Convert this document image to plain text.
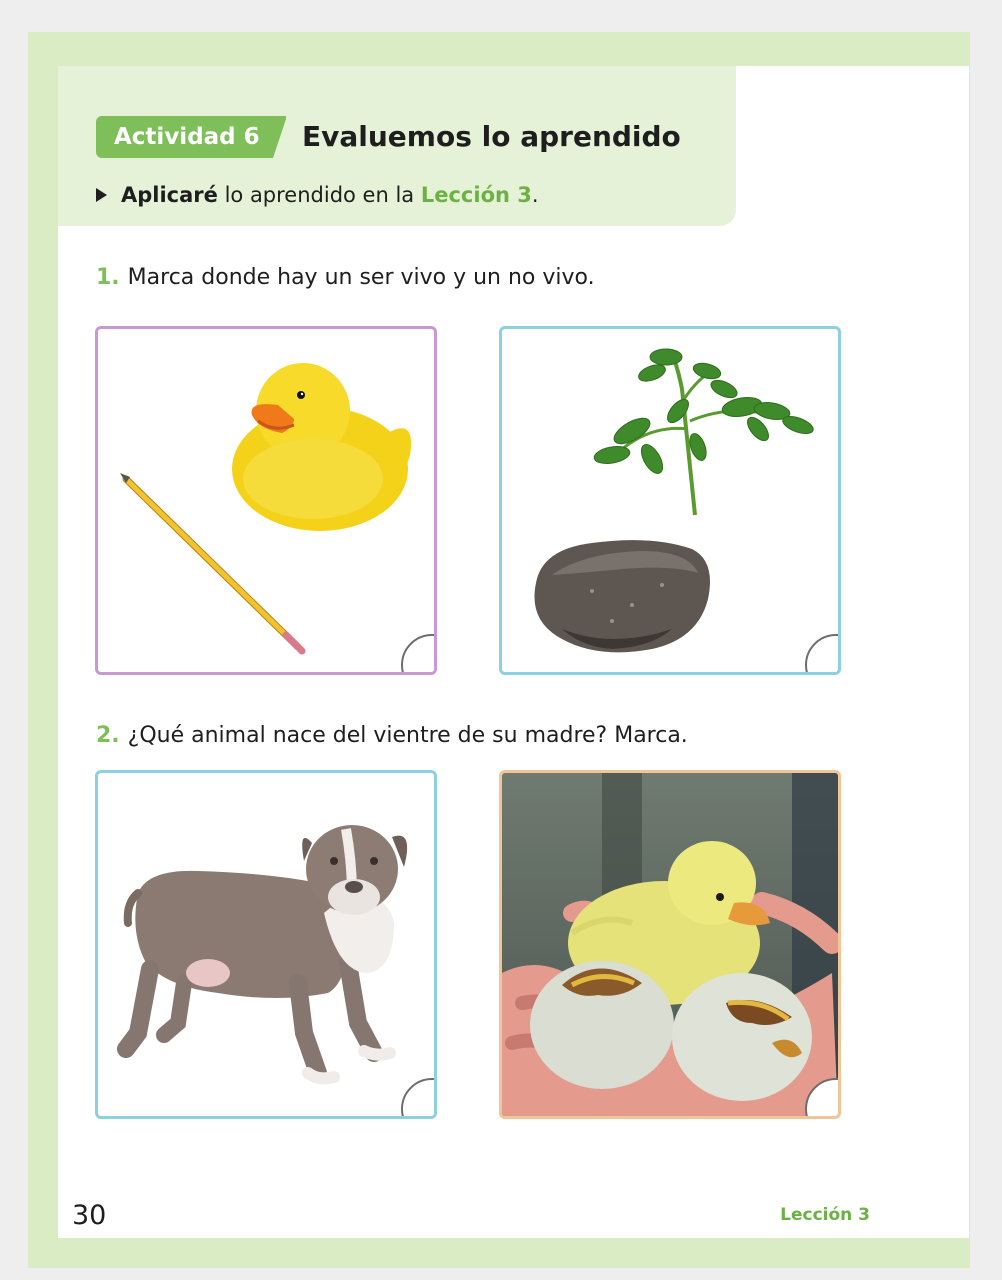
Actividad 6	Evaluemos lo aprendido
Aplicaré lo aprendido en la Lección 3.
1. Marca donde hay un ser vivo y un no vivo.
2. ¿Qué animal nace del vientre de su madre? Marca.
30	Lección 3
